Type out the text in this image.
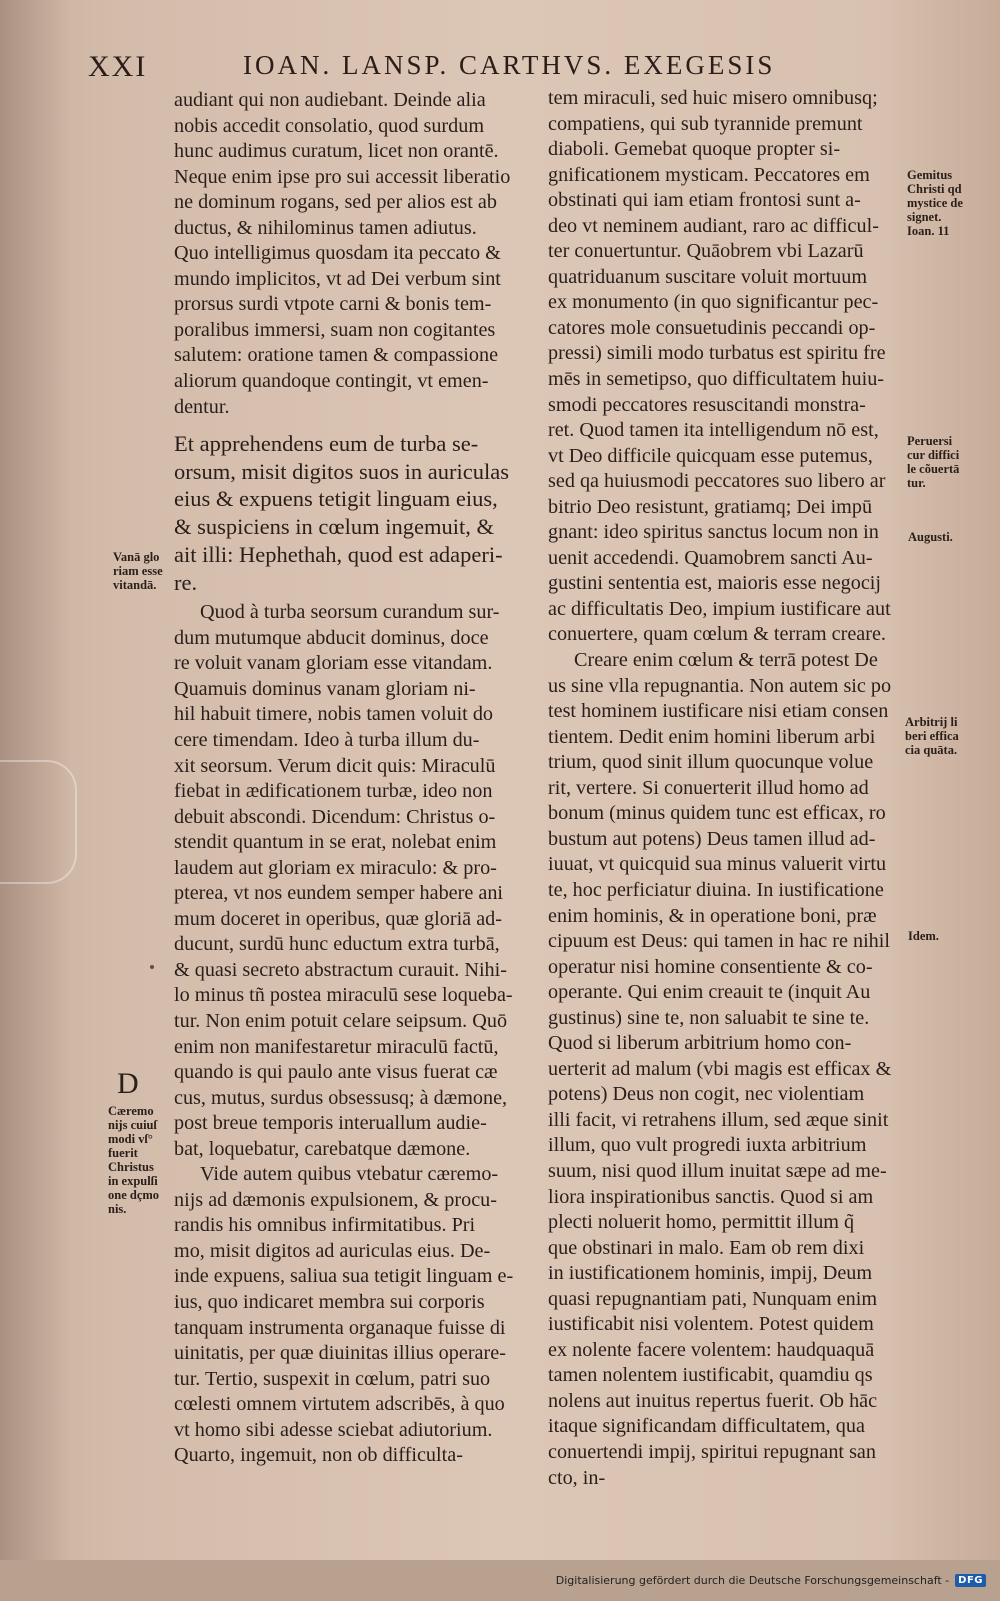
XXI	IOAN. LANSP. CARTHVS. EXEGESIS
audiant qui non audiebant. Deinde alia
nobis accedit consolatio, quod surdum
hunc audimus curatum, licet non orantē.
Neque enim ipse pro sui accessit liberatio
ne dominum rogans, sed per alios est ab
ductus, & nihilominus tamen adiutus.
Quo intelligimus quosdam ita peccato &
mundo implicitos, vt ad Dei verbum sint
prorsus surdi vtpote carni & bonis tem-
poralibus immersi, suam non cogitantes
salutem: oratione tamen & compassione
aliorum quandoque contingit, vt emen-
dentur.
Et apprehendens eum de turba se-
orsum, misit digitos suos in auriculas
eius & expuens tetigit linguam eius,
& suspiciens in cœlum ingemuit, &
ait illi: Hephethah, quod est adaperi-
re.
Quod à turba seorsum curandum sur-
dum mutumque abducit dominus, doce
re voluit vanam gloriam esse vitandam.
Quamuis dominus vanam gloriam ni-
hil habuit timere, nobis tamen voluit do
cere timendam. Ideo à turba illum du-
xit seorsum. Verum dicit quis: Miraculū
fiebat in ædificationem turbæ, ideo non
debuit abscondi. Dicendum: Christus o-
stendit quantum in se erat, nolebat enim
laudem aut gloriam ex miraculo: & pro-
pterea, vt nos eundem semper habere ani
mum doceret in operibus, quæ gloriā ad-
ducunt, surdū hunc eductum extra turbā,
& quasi secreto abstractum curauit. Nihi-
lo minus tñ postea miraculū sese loqueba-
tur. Non enim potuit celare seipsum. Quō
enim non manifestaretur miraculū factū,
quando is qui paulo ante visus fuerat cæ
cus, mutus, surdus obsessusq; à dæmone,
post breue temporis interuallum audie-
bat, loquebatur, carebatque dæmone.
Vide autem quibus vtebatur cæremo-
nijs ad dæmonis expulsionem, & procu-
randis his omnibus infirmitatibus. Pri
mo, misit digitos ad auriculas eius. De-
inde expuens, saliua sua tetigit linguam e-
ius, quo indicaret membra sui corporis
tanquam instrumenta organaque fuisse di
uinitatis, per quæ diuinitas illius operare-
tur. Tertio, suspexit in cœlum, patri suo
cœlesti omnem virtutem adscribēs, à quo
vt homo sibi adesse sciebat adiutorium.
Quarto, ingemuit, non ob difficulta-
tem miraculi, sed huic misero omnibusq;
compatiens, qui sub tyrannide premunt
diaboli. Gemebat quoque propter si-
gnificationem mysticam. Peccatores em
obstinati qui iam etiam frontosi sunt a-
deo vt neminem audiant, raro ac difficul-
ter conuertuntur. Quāobrem vbi Lazarū
quatriduanum suscitare voluit mortuum
ex monumento (in quo significantur pec-
catores mole consuetudinis peccandi op-
pressi) simili modo turbatus est spiritu fre
mēs in semetipso, quo difficultatem huiu-
smodi peccatores resuscitandi monstra-
ret. Quod tamen ita intelligendum nō est,
vt Deo difficile quicquam esse putemus,
sed qa huiusmodi peccatores suo libero ar
bitrio Deo resistunt, gratiamq; Dei impū
gnant: ideo spiritus sanctus locum non in
uenit accedendi. Quamobrem sancti Au-
gustini sententia est, maioris esse negocij
ac difficultatis Deo, impium iustificare aut
conuertere, quam cœlum & terram creare.
Creare enim cœlum & terrā potest De
us sine vlla repugnantia. Non autem sic po
test hominem iustificare nisi etiam consen
tientem. Dedit enim homini liberum arbi
trium, quod sinit illum quocunque volue
rit, vertere. Si conuerterit illud homo ad
bonum (minus quidem tunc est efficax, ro
bustum aut potens) Deus tamen illud ad-
iuuat, vt quicquid sua minus valuerit virtu
te, hoc perficiatur diuina. In iustificatione
enim hominis, & in operatione boni, præ
cipuum est Deus: qui tamen in hac re nihil
operatur nisi homine consentiente & co-
operante. Qui enim creauit te (inquit Au
gustinus) sine te, non saluabit te sine te.
Quod si liberum arbitrium homo con-
uerterit ad malum (vbi magis est efficax &
potens) Deus non cogit, nec violentiam
illi facit, vi retrahens illum, sed æque sinit
illum, quo vult progredi iuxta arbitrium
suum, nisi quod illum inuitat sæpe ad me-
liora inspirationibus sanctis. Quod si am
plecti noluerit homo, permittit illum q̃
que obstinari in malo. Eam ob rem dixi
in iustificationem hominis, impij, Deum
quasi repugnantiam pati, Nunquam enim
iustificabit nisi volentem. Potest quidem
ex nolente facere volentem: haudquaquā
tamen nolentem iustificabit, quamdiu qs
nolens aut inuitus repertus fuerit. Ob hāc
itaque significandam difficultatem, qua
conuertendi impij, spiritui repugnant san
cto, in-
Vanā glo
riam esse
vitandā.
D
Cæremo
nijs cuiuſ
modi vſ°
fuerit
Christus
in expulſi
one dçmo
nis.
Gemitus
Christi qd
mystice de
signet.
Ioan. 11
Peruersi
cur diffici
le cõuertā
tur.
Augusti.
Arbitrij li
beri effica
cia quāta.
Idem.
Digitalisierung gefördert durch die Deutsche Forschungsgemeinschaft - DFG
